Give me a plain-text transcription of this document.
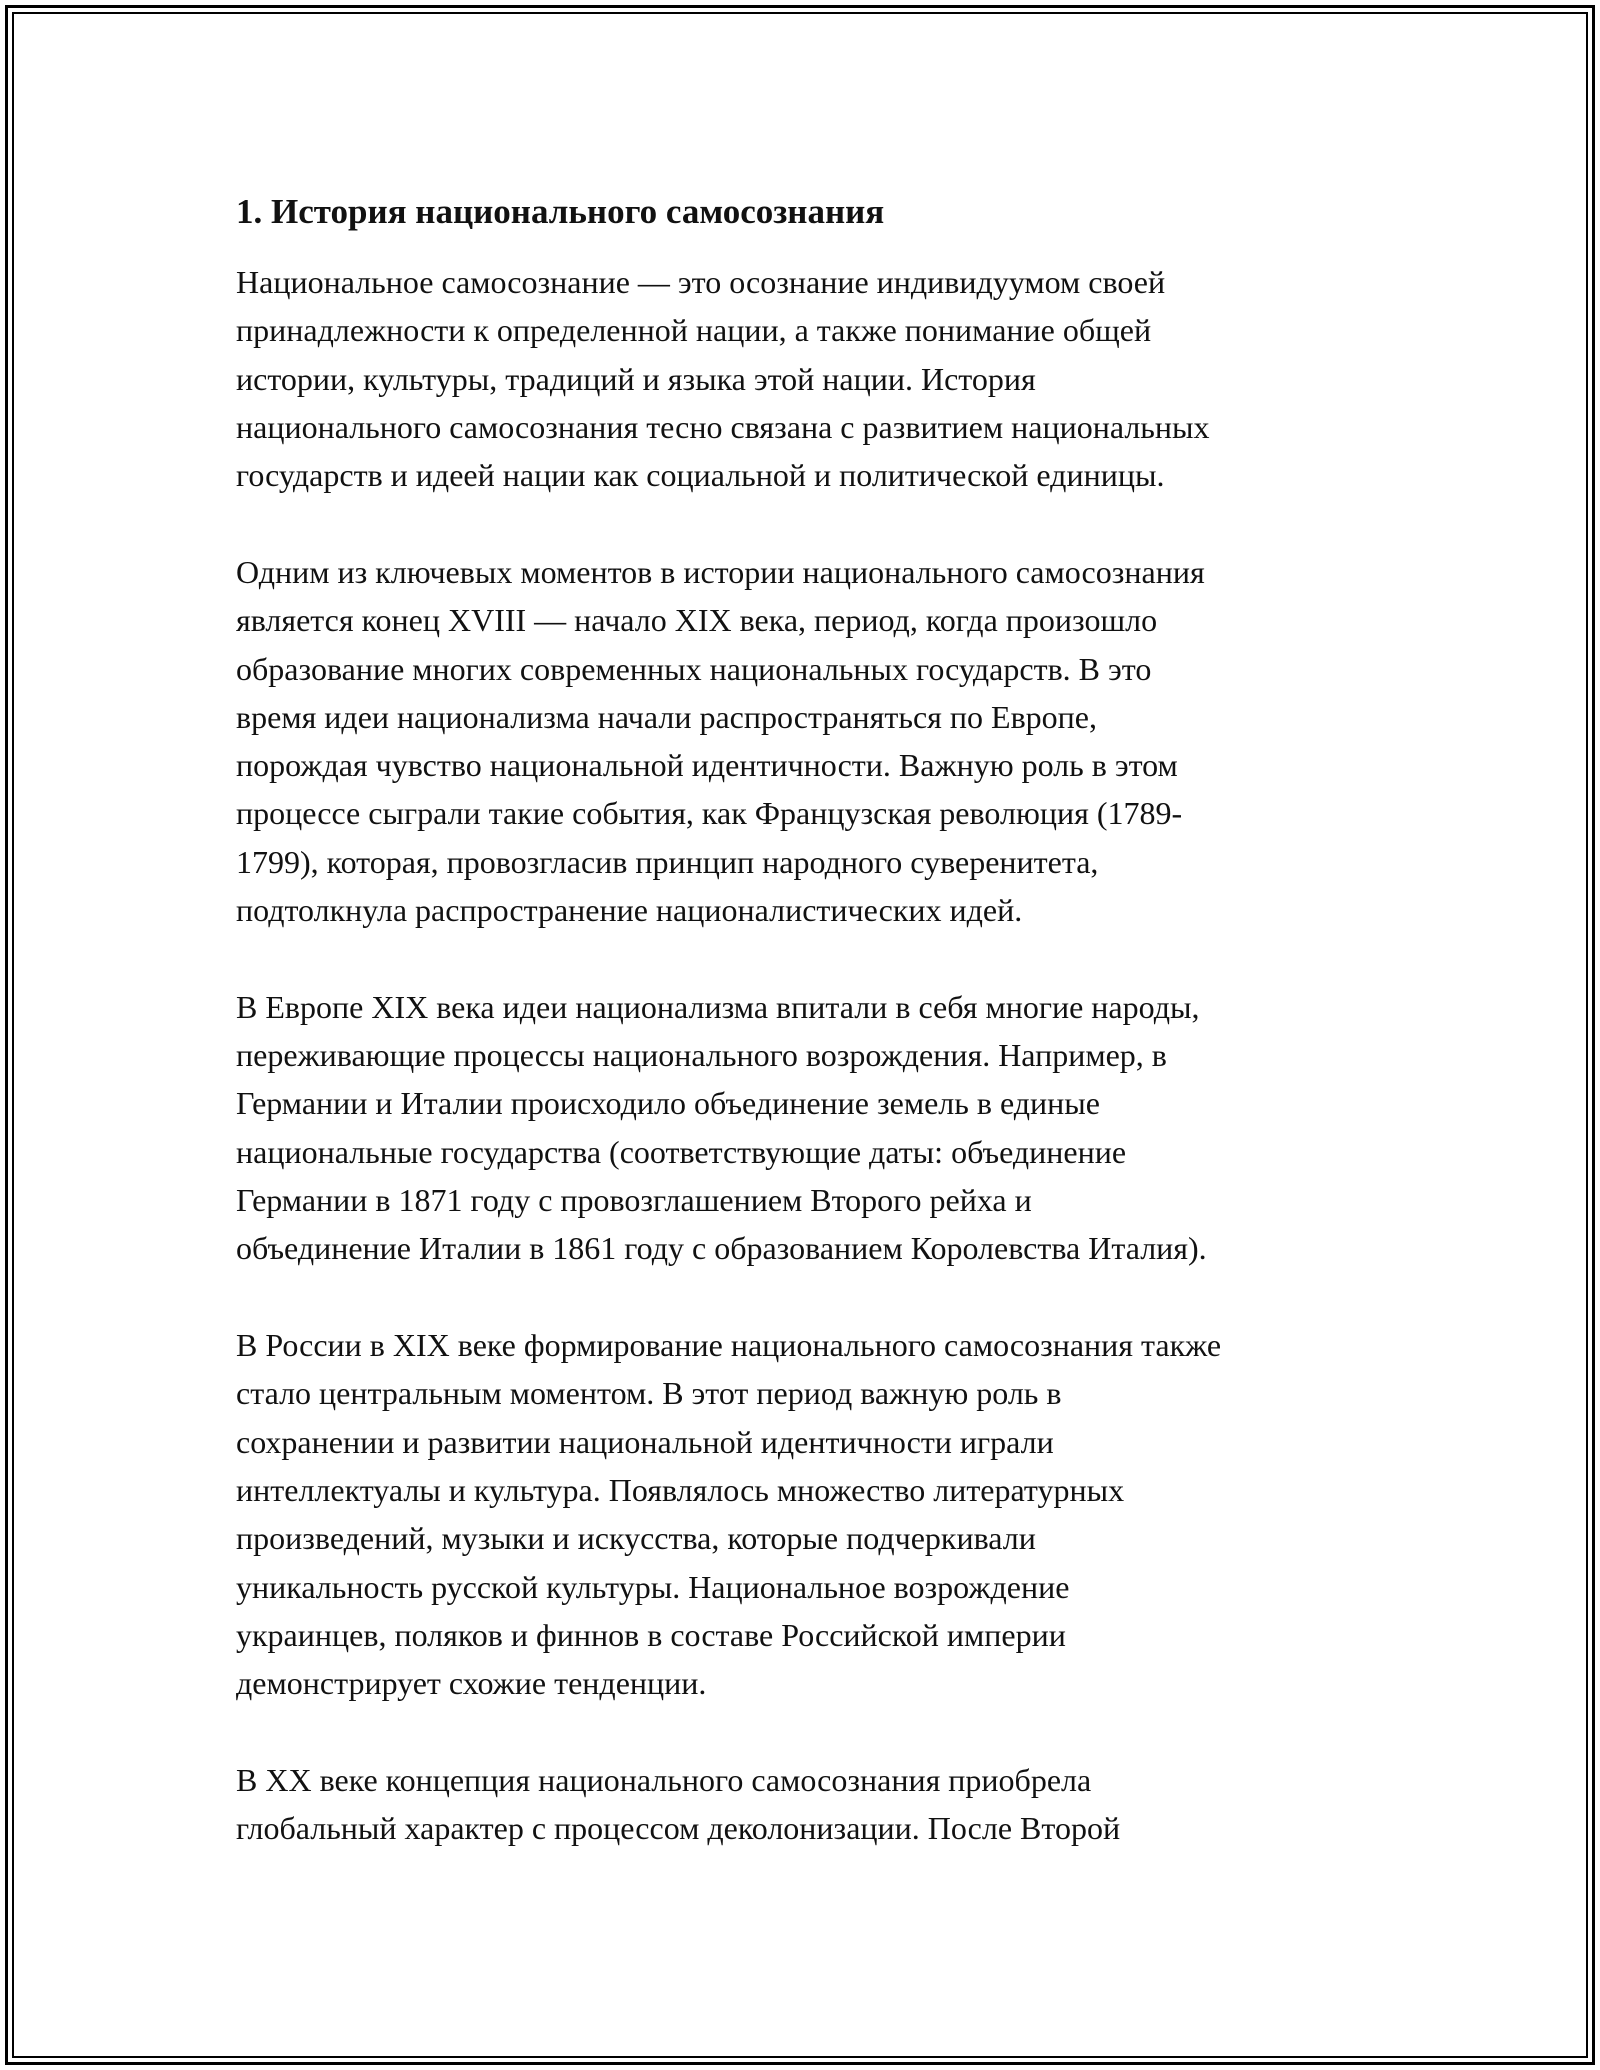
1. История национального самосознания

Национальное самосознание — это осознание индивидуумом своей
принадлежности к определенной нации, а также понимание общей
истории, культуры, традиций и языка этой нации. История
национального самосознания тесно связана с развитием национальных
государств и идеей нации как социальной и политической единицы.

Одним из ключевых моментов в истории национального самосознания
является конец XVIII — начало XIX века, период, когда произошло
образование многих современных национальных государств. В это
время идеи национализма начали распространяться по Европе,
порождая чувство национальной идентичности. Важную роль в этом
процессе сыграли такие события, как Французская революция (1789-
1799), которая, провозгласив принцип народного суверенитета,
подтолкнула распространение националистических идей.

В Европе XIX века идеи национализма впитали в себя многие народы,
переживающие процессы национального возрождения. Например, в
Германии и Италии происходило объединение земель в единые
национальные государства (соответствующие даты: объединение
Германии в 1871 году с провозглашением Второго рейха и
объединение Италии в 1861 году с образованием Королевства Италия).

В России в XIX веке формирование национального самосознания также
стало центральным моментом. В этот период важную роль в
сохранении и развитии национальной идентичности играли
интеллектуалы и культура. Появлялось множество литературных
произведений, музыки и искусства, которые подчеркивали
уникальность русской культуры. Национальное возрождение
украинцев, поляков и финнов в составе Российской империи
демонстрирует схожие тенденции.

В XX веке концепция национального самосознания приобрела
глобальный характер с процессом деколонизации. После Второй
